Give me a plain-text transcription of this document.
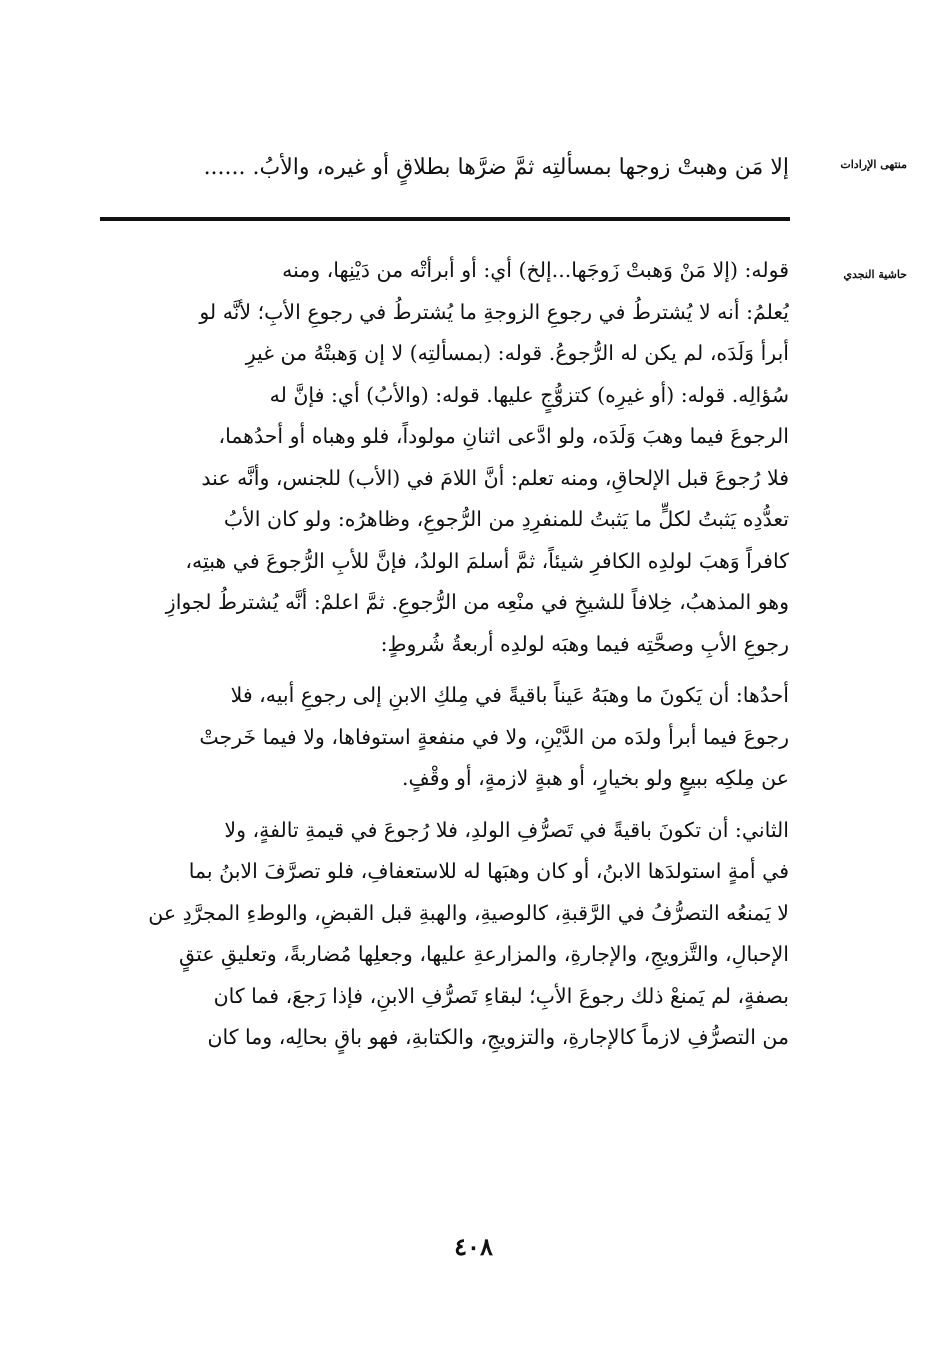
منتهى الإرادات
إلا مَن وهبتْ زوجها بمسألتِه ثمَّ ضرَّها بطلاقٍ أو غيره، والأبُ. ......
حاشية النجدي
قوله: (إلا مَنْ وَهبتْ زَوجَها...إلخ) أي: أو أبرأتْه من دَيْنِها، ومنه
يُعلمُ: أنه لا يُشترطُ في رجوعِ الزوجةِ ما يُشترطُ في رجوعِ الأبِ؛ لأنَّه لو
أبرأ وَلَدَه، لم يكن له الرُّجوعُ. قوله: (بمسألتِه) لا إن وَهبتْهُ من غيرِ
سُؤالِه. قوله: (أو غيرِه) كتزوُّجٍ عليها. قوله: (والأبُ) أي: فإنَّ له
الرجوعَ فيما وهبَ وَلَدَه، ولو ادَّعى اثنانِ مولوداً، فلو وهباه أو أحدُهما،
فلا رُجوعَ قبل الإلحاقِ، ومنه تعلم: أنَّ اللامَ في (الأب) للجنس، وأنَّه عند
تعدُّدِه يَثبتُ لكلٍّ ما يَثبتُ للمنفرِدِ من الرُّجوعِ، وظاهرُه: ولو كان الأبُ
كافراً وَهبَ لولدِه الكافرِ شيئاً، ثمَّ أسلمَ الولدُ، فإنَّ للأبِ الرُّجوعَ في هبتِه،
وهو المذهبُ، خِلافاً للشيخِ في منْعِه من الرُّجوعِ. ثمَّ اعلمْ: أنَّه يُشترطُ لجوازِ
رجوعِ الأبِ وصحَّتِه فيما وهبَه لولدِه أربعةُ شُروطٍ:
أحدُها: أن يَكونَ ما وهبَهُ عَيناً باقيةً في مِلكِ الابنِ إلى رجوعِ أبيه، فلا
رجوعَ فيما أبرأ ولدَه من الدَّيْنِ، ولا في منفعةٍ استوفاها، ولا فيما خَرجتْ
عن مِلكِه ببيعٍ ولو بخيارٍ، أو هبةٍ لازمةٍ، أو وقْفٍ.
الثاني: أن تكونَ باقيةً في تَصرُّفِ الولدِ، فلا رُجوعَ في قيمةِ تالفةٍ، ولا
في أمةٍ استولدَها الابنُ، أو كان وهبَها له للاستعفافِ، فلو تصرَّفَ الابنُ بما
لا يَمنعُه التصرُّفُ في الرَّقبةِ، كالوصيةِ، والهبةِ قبل القبضِ، والوطءِ المجرَّدِ عن
الإحبالِ، والتَّزويجِ، والإجارةِ، والمزارعةِ عليها، وجعلِها مُضاربةً، وتعليقِ عتقٍ
بصفةٍ، لم يَمنعْ ذلك رجوعَ الأبِ؛ لبقاءِ تَصرُّفِ الابنِ، فإذا رَجعَ، فما كان
من التصرُّفِ لازماً كالإجارةِ، والتزويجِ، والكتابةِ، فهو باقٍ بحالِه، وما كان
٤٠٨
